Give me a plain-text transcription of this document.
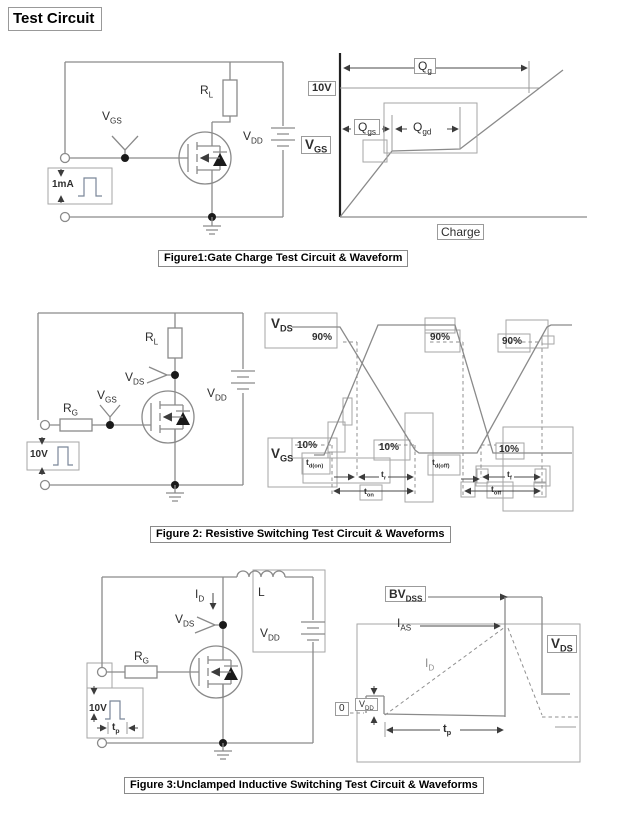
Test Circuit
$R_L$
$V_{GS}$
$V_{DD}$
1mA
10V
$V_{GS}$
$Q_g$
$Q_{gs}$	$Q_{gd}$
Charge
Figure1:Gate Charge Test Circuit & Waveform
$R_L$
$V_{DS}$
$V_{GS}$
$R_G$
$V_{DD}$
10V
$V_{DS}$
$V_{GS}$
90%	90%	90%
10%	10%	10%
$t_{d(on)}$
$t_r$
$t_{on}$
$t_{d(off)}$
$t_f$
$t_{off}$
Figure 2: Resistive Switching Test Circuit & Waveforms
$I_D$	L
$V_{DS}$
$V_{DD}$
$R_G$
10V
$t_p$
$BV_{DSS}$
$I_{AS}$
$I_D$
$V_{DS}$
$V_{DD}$
0
$t_p$
Figure 3:Unclamped Inductive Switching Test Circuit & Waveforms
